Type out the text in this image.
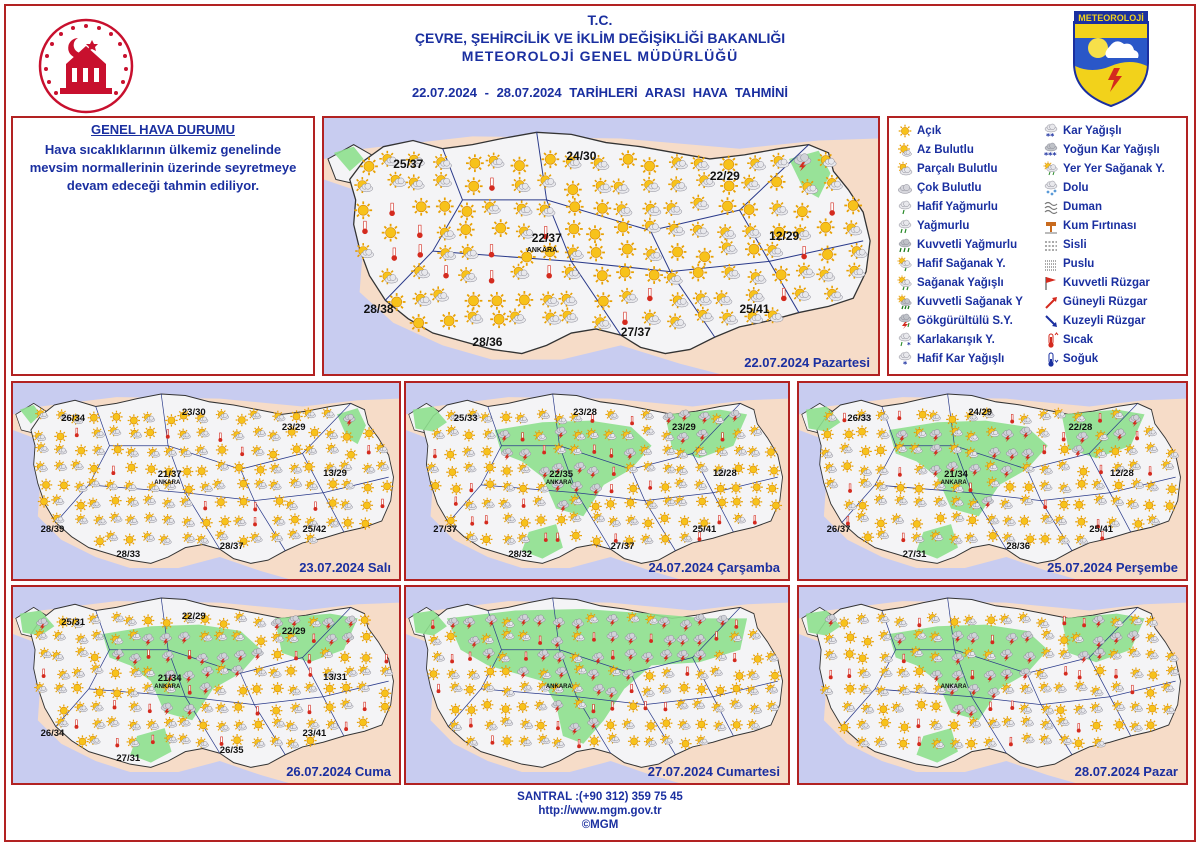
T.C.
ÇEVRE, ŞEHİRCİLİK VE İKLİM DEĞİŞİKLİĞİ BAKANLIĞI
METEOROLOJİ GENEL MÜDÜRLÜĞÜ
22.07.2024 - 28.07.2024 TARİHLERİ ARASI HAVA TAHMİNİ
METEOROLOJİ
GENEL HAVA DURUMU
Hava sıcaklıklarının ülkemiz genelinde mevsim normallerinin üzerinde seyretmeye devam edeceği tahmin ediliyor.
Açık
Az Bulutlu
Parçalı Bulutlu
Çok Bulutlu
Hafif Yağmurlu
Yağmurlu
Kuvvetli Yağmurlu
Hafif Sağanak Y.
Sağanak Yağışlı
Kuvvetli Sağanak Y
Gökgürültülü S.Y.
* Karlakarışık Y.
* Hafif Kar Yağışlı
** Kar Yağışlı
*** Yoğun Kar Yağışlı
Yer Yer Sağanak Y.
Dolu
Duman
Kum Fırtınası
Sisli
Puslu
Kuvvetli Rüzgar
Güneyli Rüzgar
Kuzeyli Rüzgar
Sıcak
Soğuk
ANKARA
25/37
24/30
22/29
22/37	12/29
28/38
28/36
27/37
25/41
22.07.2024 Pazartesi
ANKARA
26/34
23/30
23/29
21/37	13/29
28/39
28/33
28/37
25/42
23.07.2024 Salı
ANKARA
25/33
23/28
23/29
22/35	12/28
27/37
28/32
27/37
25/41
24.07.2024 Çarşamba
ANKARA
26/33
24/29
22/28
21/34	12/28
26/37
27/31
28/36
25/41
25.07.2024 Perşembe
ANKARA
25/31
22/29
22/29
21/34	13/31
26/34
27/31
26/35
23/41
26.07.2024 Cuma
ANKARA
27.07.2024 Cumartesi
ANKARA
28.07.2024 Pazar
SANTRAL :(+90 312) 359 75 45
http://www.mgm.gov.tr
©MGM
